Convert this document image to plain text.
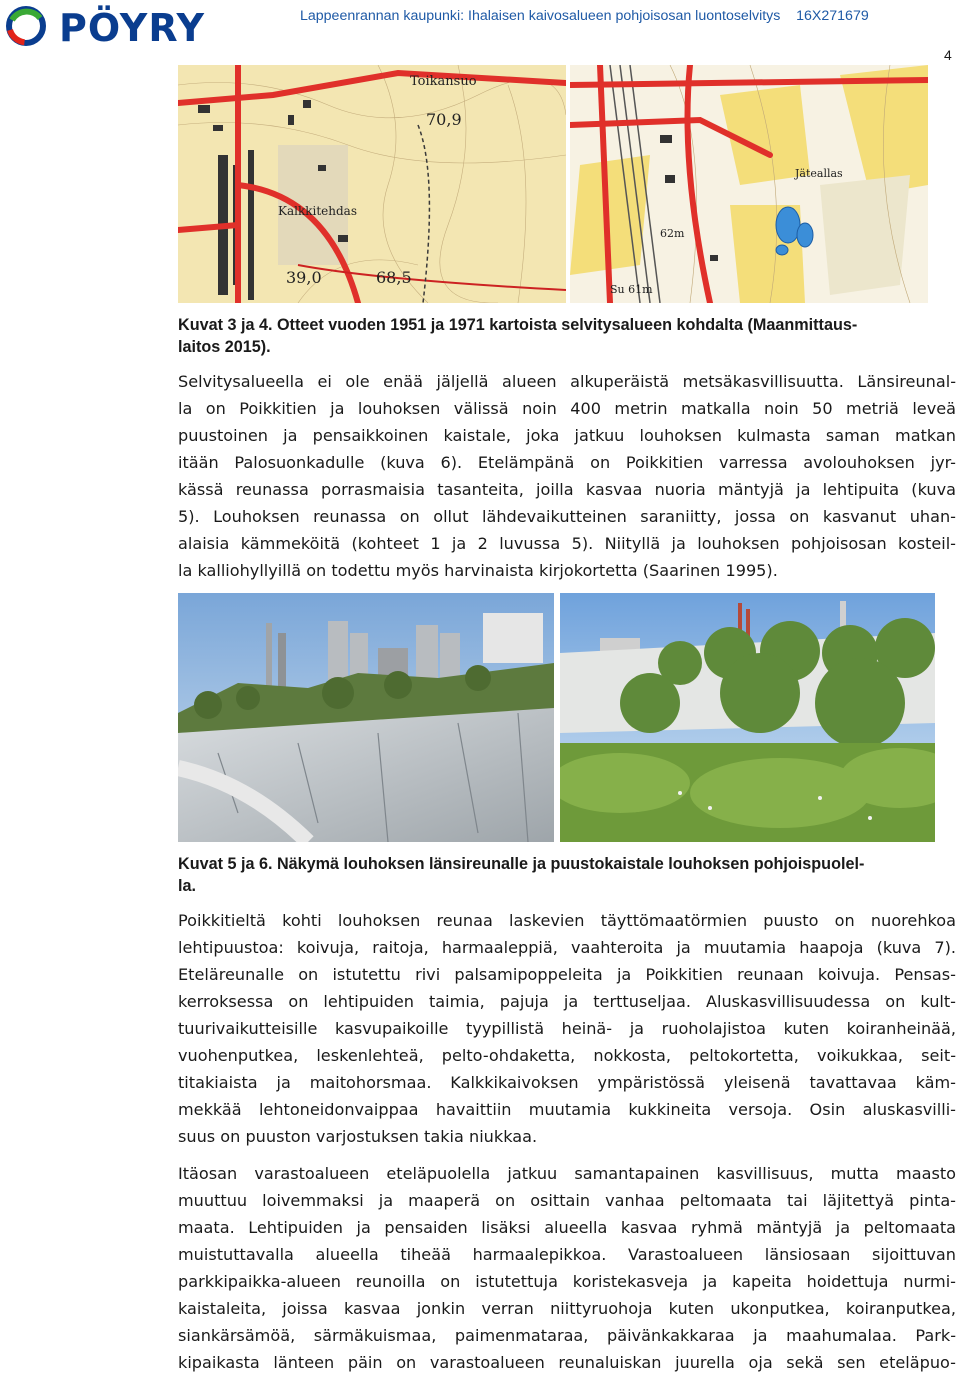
PÖYRY	Lappeenrannan kaupunki: Ihalaisen kaivosalueen pohjoisosan luontoselvitys 16X271679
4
Toikansuo
70,9
Kalkkitehdas
39,0	68,5
Jäteallas
62m
Su 61m

Kuvat 3 ja 4. Otteet vuoden 1951 ja 1971 kartoista selvitysalueen kohdalta (Maanmittaus-
laitos 2015).

Selvitysalueella ei ole enää jäljellä alueen alkuperäistä metsäkasvillisuutta. Länsireunal-
la on Poikkitien ja louhoksen välissä noin 400 metrin matkalla noin 50 metriä leveä
puustoinen ja pensaikkoinen kaistale, joka jatkuu louhoksen kulmasta saman matkan
itään Palosuonkadulle (kuva 6). Etelämpänä on Poikkitien varressa avolouhoksen jyr-
kässä reunassa porrasmaisia tasanteita, joilla kasvaa nuoria mäntyjä ja lehtipuita (kuva
5). Louhoksen reunassa on ollut lähdevaikutteinen saraniitty, jossa on kasvanut uhan-
alaisia kämmeköitä (kohteet 1 ja 2 luvussa 5). Niityllä ja louhoksen pohjoisosan kosteil-
la kalliohyllyillä on todettu myös harvinaista kirjokortetta (Saarinen 1995).

Kuvat 5 ja 6. Näkymä louhoksen länsireunalle ja puustokaistale louhoksen pohjoispuolel-
la.

Poikkitieltä kohti louhoksen reunaa laskevien täyttömaatörmien puusto on nuorehkoa
lehtipuustoa: koivuja, raitoja, harmaaleppiä, vaahteroita ja muutamia haapoja (kuva 7).
Eteläreunalle on istutettu rivi palsamipoppeleita ja Poikkitien reunaan koivuja. Pensas-
kerroksessa on lehtipuiden taimia, pajuja ja terttuseljaa. Aluskasvillisuudessa on kult-
tuurivaikutteisille kasvupaikoille tyypillistä heinä- ja ruoholajistoa kuten koiranheinää,
vuohenputkea, leskenlehteä, pelto-ohdaketta, nokkosta, peltokortetta, voikukkaa, seit-
titakiaista ja maitohorsmaa. Kalkkikaivoksen ympäristössä yleisenä tavattavaa käm-
mekkää lehtoneidonvaippaa havaittiin muutamia kukkineita versoja. Osin aluskasvilli-
suus on puuston varjostuksen takia niukkaa.

Itäosan varastoalueen eteläpuolella jatkuu samantapainen kasvillisuus, mutta maasto
muuttuu loivemmaksi ja maaperä on osittain vanhaa peltomaata tai läjitettyä pinta-
maata. Lehtipuiden ja pensaiden lisäksi alueella kasvaa ryhmä mäntyjä ja peltomaata
muistuttavalla alueella tiheää harmaalepikkoa. Varastoalueen länsiosaan sijoittuvan
parkkipaikka-alueen reunoilla on istutettuja koristekasveja ja kapeita hoidettuja nurmi-
kaistaleita, joissa kasvaa jonkin verran niittyruohoja kuten ukonputkea, koiranputkea,
siankärsämöä, särmäkuismaa, paimenmataraa, päivänkakkaraa ja maahumalaa. Park-
kipaikasta länteen päin on varastoalueen reunaluiskan juurella oja sekä sen eteläpuo-
